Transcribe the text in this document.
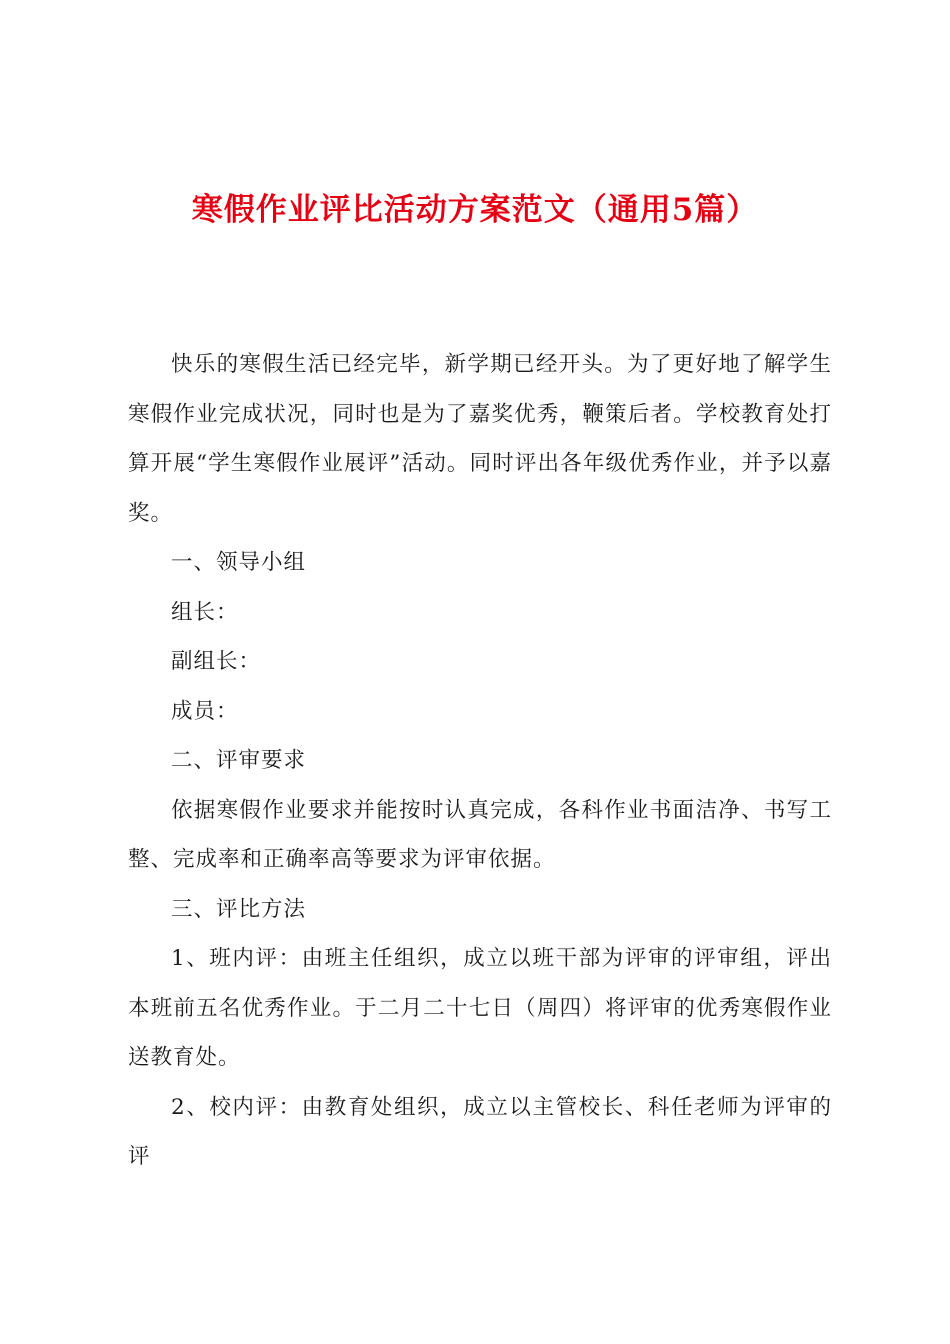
寒假作业评比活动方案范文（通用5篇）

快乐的寒假生活已经完毕，新学期已经开头。为了更好地了解学生寒假作业完成状况，同时也是为了嘉奖优秀，鞭策后者。学校教育处打算开展“学生寒假作业展评”活动。同时评出各年级优秀作业，并予以嘉奖。

一、领导小组

组长：

副组长：

成员：

二、评审要求

依据寒假作业要求并能按时认真完成，各科作业书面洁净、书写工整、完成率和正确率高等要求为评审依据。

三、评比方法

1、班内评：由班主任组织，成立以班干部为评审的评审组，评出本班前五名优秀作业。于二月二十七日（周四）将评审的优秀寒假作业送教育处。

2、校内评：由教育处组织，成立以主管校长、科任老师为评审的评
